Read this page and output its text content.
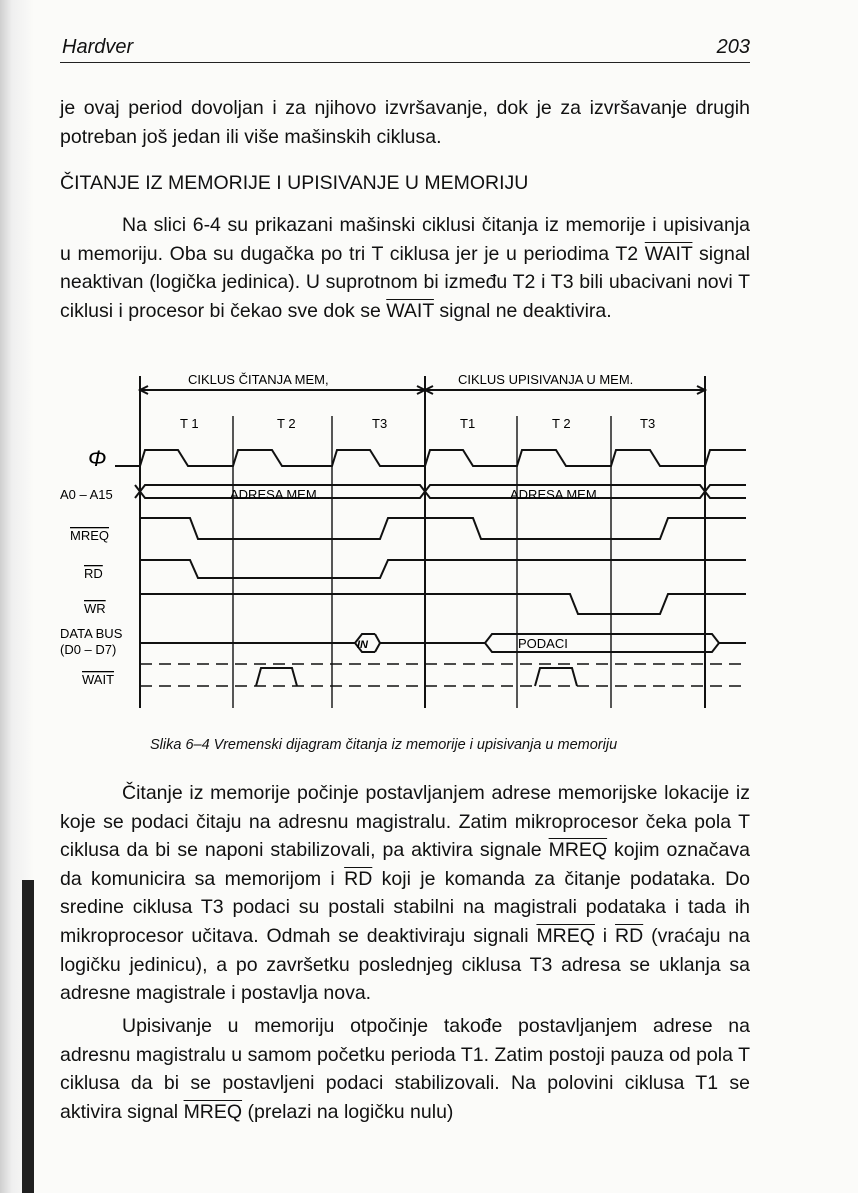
Hardver	203

je ovaj period dovoljan i za njihovo izvršavanje, dok je za izvršavanje drugih potreban još jedan ili više mašinskih ciklusa.

ČITANJE IZ MEMORIJE I UPISIVANJE U MEMORIJU

Na slici 6-4 su prikazani mašinski ciklusi čitanja iz memorije i upisivanja u memoriju. Oba su dugačka po tri T ciklusa jer je u periodima T2 WAIT signal neaktivan (logička jedinica). U suprotnom bi između T2 i T3 bili ubacivani novi T ciklusi i procesor bi čekao sve dok se WAIT signal ne deaktivira.

CIKLUS ČITANJA MEM,	CIKLUS UPISIVANJA U MEM.
T 1	T 2	T3	T1	T 2	T3
Φ
A0 – A15
MREQ
RD
WR
DATA BUS
(D0 – D7)
WAIT
ADRESA MEM.	ADRESA MEM.
IN	PODACI
Slika 6–4 Vremenski dijagram čitanja iz memorije i upisivanja u memoriju

Čitanje iz memorije počinje postavljanjem adrese memorijske lokacije iz koje se podaci čitaju na adresnu magistralu. Zatim mikroprocesor čeka pola T ciklusa da bi se naponi stabilizovali, pa aktivira signale MREQ kojim označava da komunicira sa memorijom i $\overline{RD}$ koji je komanda za čitanje podataka. Do sredine ciklusa T3 podaci su postali stabilni na magistrali podataka i tada ih mikroprocesor učitava. Odmah se deaktiviraju signali MREQ i $\overline{RD}$ (vraćaju na logičku jedinicu), a po završetku poslednjeg ciklusa T3 adresa se uklanja sa adresne magistrale i postavlja nova.

Upisivanje u memoriju otpočinje takođe postavljanjem adrese na adresnu magistralu u samom početku perioda T1. Zatim postoji pauza od pola T ciklusa da bi se postavljeni podaci stabilizovali. Na polovini ciklusa T1 se aktivira signal MREQ (prelazi na logičku nulu)
